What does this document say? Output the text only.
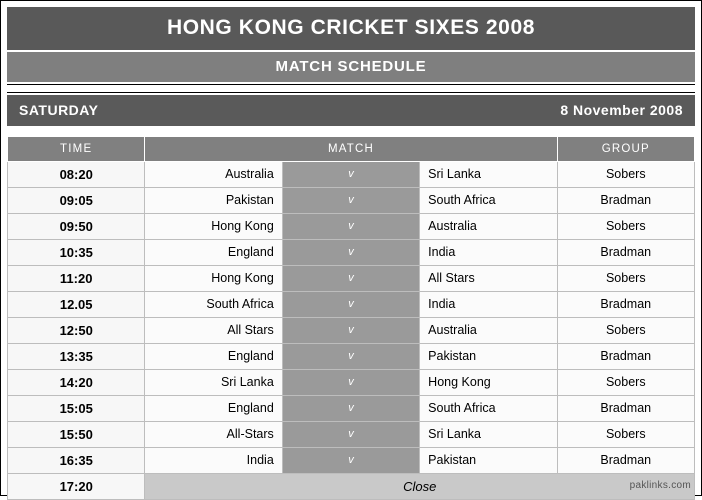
HONG KONG CRICKET SIXES 2008
MATCH SCHEDULE
SATURDAY	8 November 2008
TIME	MATCH			GROUP
08:20	Australia	v	Sri Lanka	Sobers
09:05	Pakistan	v	South Africa	Bradman
09:50	Hong Kong	v	Australia	Sobers
10:35	England	v	India	Bradman
11:20	Hong Kong	v	All Stars	Sobers
12.05	South Africa	v	India	Bradman
12:50	All Stars	v	Australia	Sobers
13:35	England	v	Pakistan	Bradman
14:20	Sri Lanka	v	Hong Kong	Sobers
15:05	England	v	South Africa	Bradman
15:50	All-Stars	v	Sri Lanka	Sobers
16:35	India	v	Pakistan	Bradman
17:20	Close				paklinks.com
